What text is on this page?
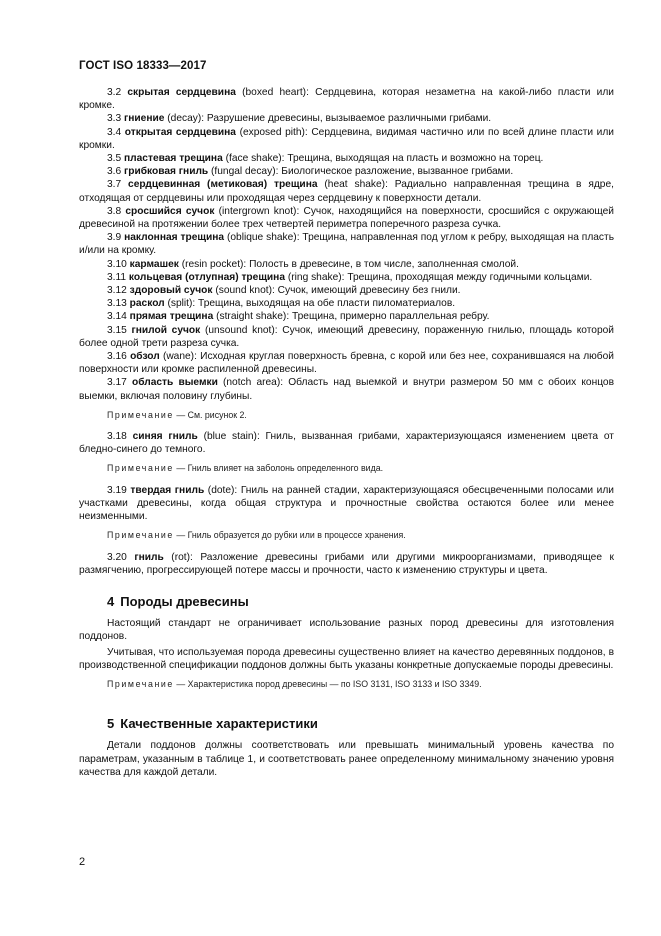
ГОСТ ISO 18333—2017

3.2 скрытая сердцевина (boxed heart): Сердцевина, которая незаметна на какой-либо пласти или кромке.

3.3 гниение (decay): Разрушение древесины, вызываемое различными грибами.

3.4 открытая сердцевина (exposed pith): Сердцевина, видимая частично или по всей длине пласти или кромки.

3.5 пластевая трещина (face shake): Трещина, выходящая на пласть и возможно на торец.

3.6 грибковая гниль (fungal decay): Биологическое разложение, вызванное грибами.

3.7 сердцевинная (метиковая) трещина (heat shake): Радиально направленная трещина в ядре, отходящая от сердцевины или проходящая через сердцевину к поверхности детали.

3.8 сросшийся сучок (intergrown knot): Сучок, находящийся на поверхности, сросшийся с окружающей древесиной на протяжении более трех четвертей периметра поперечного разреза сучка.

3.9 наклонная трещина (oblique shake): Трещина, направленная под углом к ребру, выходящая на пласть и/или на кромку.

3.10 кармашек (resin pocket): Полость в древесине, в том числе, заполненная смолой.

3.11 кольцевая (отлупная) трещина (ring shake): Трещина, проходящая между годичными кольцами.

3.12 здоровый сучок (sound knot): Сучок, имеющий древесину без гнили.

3.13 раскол (split): Трещина, выходящая на обе пласти пиломатериалов.

3.14 прямая трещина (straight shake): Трещина, примерно параллельная ребру.

3.15 гнилой сучок (unsound knot): Сучок, имеющий древесину, пораженную гнилью, площадь которой более одной трети разреза сучка.

3.16 обзол (wane): Исходная круглая поверхность бревна, с корой или без нее, сохранившаяся на любой поверхности или кромке распиленной древесины.

3.17 область выемки (notch area): Область над выемкой и внутри размером 50 мм с обоих концов выемки, включая половину глубины.

Примечание — См. рисунок 2.

3.18 синяя гниль (blue stain): Гниль, вызванная грибами, характеризующаяся изменением цвета от бледно-синего до темного.

Примечание — Гниль влияет на заболонь определенного вида.

3.19 твердая гниль (dote): Гниль на ранней стадии, характеризующаяся обесцвеченными полосами или участками древесины, когда общая структура и прочностные свойства остаются более или менее неизменными.

Примечание — Гниль образуется до рубки или в процессе хранения.

3.20 гниль (rot): Разложение древесины грибами или другими микроорганизмами, приводящее к размягчению, прогрессирующей потере массы и прочности, часто к изменению структуры и цвета.

4 Породы древесины

Настоящий стандарт не ограничивает использование разных пород древесины для изготовления поддонов.

Учитывая, что используемая порода древесины существенно влияет на качество деревянных поддонов, в производственной спецификации поддонов должны быть указаны конкретные допускаемые породы древесины.

Примечание — Характеристика пород древесины — по ISO 3131, ISO 3133 и ISO 3349.

5 Качественные характеристики

Детали поддонов должны соответствовать или превышать минимальный уровень качества по параметрам, указанным в таблице 1, и соответствовать ранее определенному минимальному значению уровня качества для каждой детали.

2
